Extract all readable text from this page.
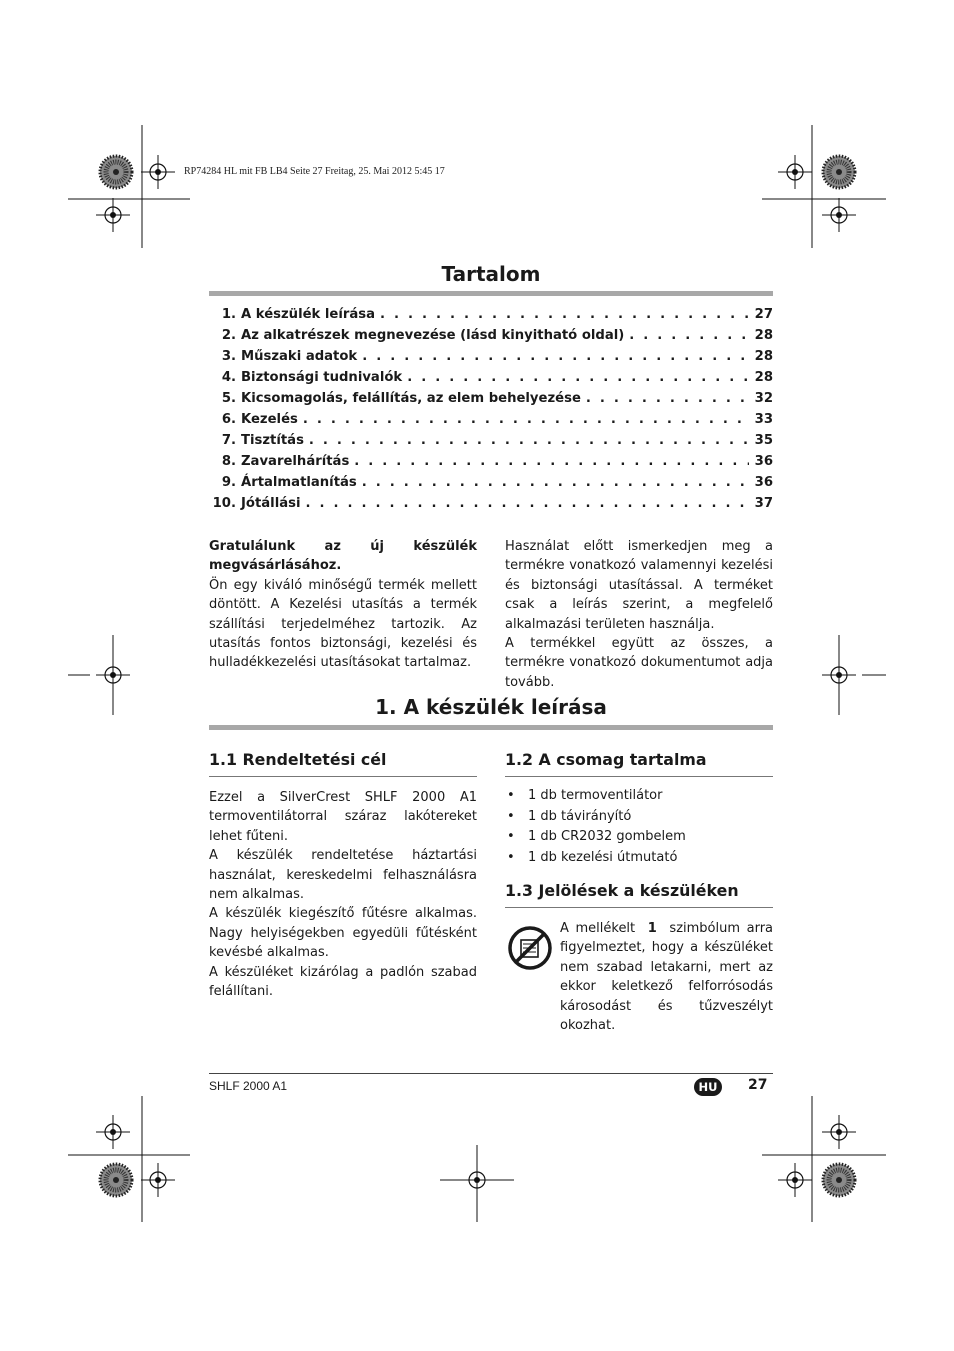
RP74284 HL mit FB LB4 Seite 27 Freitag, 25. Mai 2012 5:45 17
Tartalom
1. A készülék leírása . . .	27
2. Az alkatrészek megnevezése (lásd kinyitható oldal) . . .	28
3. Műszaki adatok . . .	28
4. Biztonsági tudnivalók . . .	28
5. Kicsomagolás, felállítás, az elem behelyezése . . .	32
6. Kezelés . . .	33
7. Tisztítás . . .	35
8. Zavarelhárítás . . .	36
9. Ártalmatlanítás . . .	36
10. Jótállási . . .	37

Gratulálunk az új készülék megvásárlásához.

Ön egy kiváló minőségű termék mellett döntött. A Kezelési utasítás a termék szállítási terjedelméhez tartozik. Az utasítás fontos biztonsági, kezelési és hulladékkezelési utasításokat tartalmaz.

Használat előtt ismerkedjen meg a termékre vonatkozó valamennyi kezelési és biztonsági utasítással. A terméket csak a leírás szerint, a megfelelő alkalmazási területen használja.

A termékkel együtt az összes, a termékre vonatkozó dokumentumot adja tovább.

1. A készülék leírása
1.1 Rendeltetési cél

Ezzel a SilverCrest SHLF 2000 A1 termoventilátorral száraz lakótereket lehet fűteni.

A készülék rendeltetése háztartási használat, kereskedelmi felhasználásra nem alkalmas.

A készülék kiegészítő fűtésre alkalmas. Nagy helyiségekben egyedüli fűtésként kevésbé alkalmas.

A készüléket kizárólag a padlón szabad felállítani.

1.2 A csomag tartalma
• 1 db termoventilátor
• 1 db távirányító
• 1 db CR2032 gombelem
• 1 db kezelési útmutató
1.3 Jelölések a készüléken

A mellékelt 1 szimbólum arra figyelmeztet, hogy a készüléket nem szabad letakarni, mert az ekkor keletkező felforrósodás károsodást és tűzveszélyt okozhat.

SHLF 2000 A1	HU	27
